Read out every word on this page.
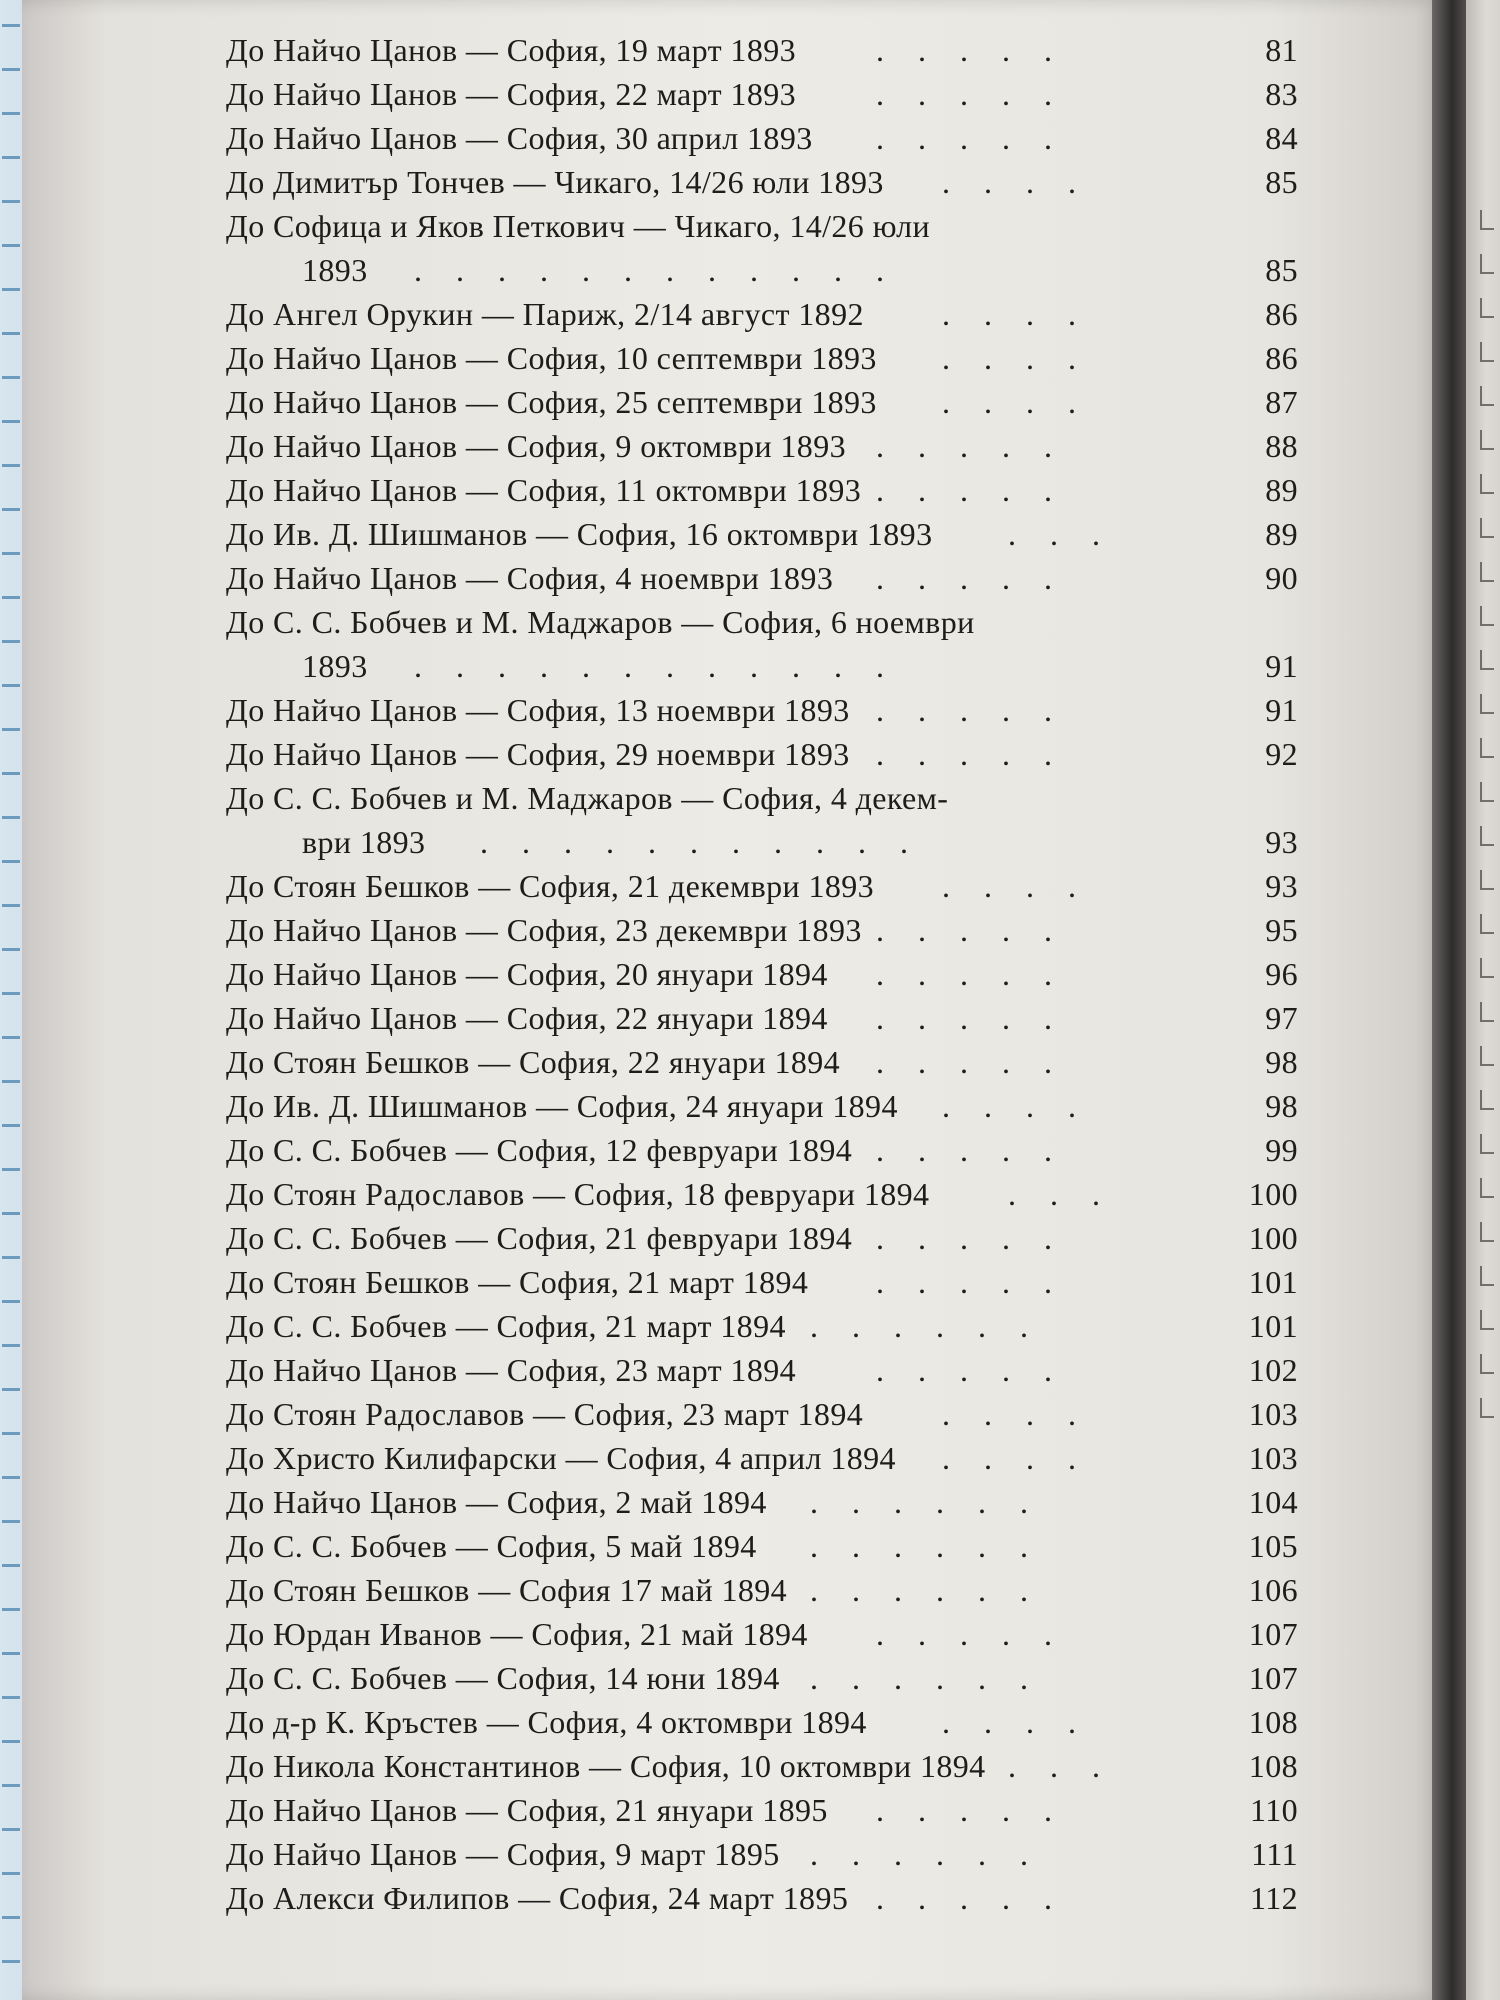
До Найчо Цанов — София, 19 март 1893	81
.....
До Найчо Цанов — София, 22 март 1893	83
.....
До Найчо Цанов — София, 30 април 1893	84
.....
До Димитър Тончев — Чикаго, 14/26 юли 1893	85
....
До Софица и Яков Петкович — Чикаго, 14/26 юли
1893	85
............
До Ангел Орукин — Париж, 2/14 август 1892	86
....
До Найчо Цанов — София, 10 септември 1893	86
....
До Найчо Цанов — София, 25 септември 1893	87
....
До Найчо Цанов — София, 9 октомври 1893	88
.....
До Найчо Цанов — София, 11 октомври 1893	89
.....
До Ив. Д. Шишманов — София, 16 октомври 1893	89
...
До Найчо Цанов — София, 4 ноември 1893	90
.....
До С. С. Бобчев и М. Маджаров — София, 6 ноември
1893	91
............
До Найчо Цанов — София, 13 ноември 1893	91
.....
До Найчо Цанов — София, 29 ноември 1893	92
.....
До С. С. Бобчев и М. Маджаров — София, 4 декем-
ври 1893	93
...........
До Стоян Бешков — София, 21 декември 1893	93
....
До Найчо Цанов — София, 23 декември 1893	95
.....
До Найчо Цанов — София, 20 януари 1894	96
.....
До Найчо Цанов — София, 22 януари 1894	97
.....
До Стоян Бешков — София, 22 януари 1894	98
.....
До Ив. Д. Шишманов — София, 24 януари 1894	98
....
До С. С. Бобчев — София, 12 февруари 1894	99
.....
До Стоян Радославов — София, 18 февруари 1894	100
...
До С. С. Бобчев — София, 21 февруари 1894	100
.....
До Стоян Бешков — София, 21 март 1894	101
.....
До С. С. Бобчев — София, 21 март 1894	101
......
До Найчо Цанов — София, 23 март 1894	102
.....
До Стоян Радославов — София, 23 март 1894	103
....
До Христо Килифарски — София, 4 април 1894	103
....
До Найчо Цанов — София, 2 май 1894	104
......
До С. С. Бобчев — София, 5 май 1894	105
......
До Стоян Бешков — София 17 май 1894	106
......
До Юрдан Иванов — София, 21 май 1894	107
.....
До С. С. Бобчев — София, 14 юни 1894	107
......
До д-р К. Кръстев — София, 4 октомври 1894	108
....
До Никола Константинов — София, 10 октомври 1894	108
...
До Найчо Цанов — София, 21 януари 1895	110
.....
До Найчо Цанов — София, 9 март 1895	111
......
До Алекси Филипов — София, 24 март 1895	112
.....
